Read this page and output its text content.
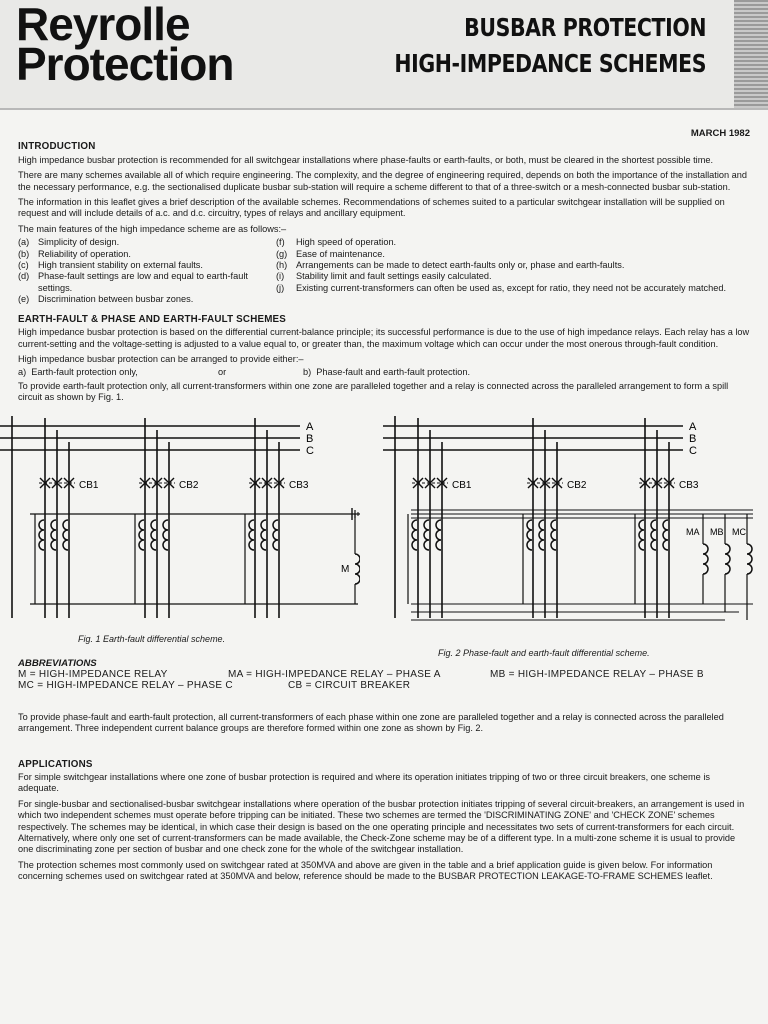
Reyrolle
Protection
BUSBAR PROTECTION
HIGH-IMPEDANCE SCHEMES
MARCH 1982
INTRODUCTION

High impedance busbar protection is recommended for all switchgear installations where phase-faults or earth-faults, or both, must be cleared in the shortest possible time.

There are many schemes available all of which require engineering. The complexity, and the degree of engineering required, depends on both the importance of the installation and the necessary performance, e.g. the sectionalised duplicate busbar sub-station will require a scheme different to that of a three-switch or a mesh-connected busbar sub-station.

The information in this leaflet gives a brief description of the available schemes. Recommendations of schemes suited to a particular switchgear installation will be supplied on request and will include details of a.c. and d.c. circuitry, types of relays and ancillary equipment.

The main features of the high impedance scheme are as follows:–

(a) Simplicity of design.
(b) Reliability of operation.
(c)	High transient stability on external faults.
(d) Phase-fault settings are low and equal to earth-fault settings.
(e) Discrimination between busbar zones.
(f)	High speed of operation.
(g) Ease of maintenance.
(h) Arrangements can be made to detect earth-faults only or, phase and earth-faults.
(i)	Stability limit and fault settings easily calculated.
(j)	Existing current-transformers can often be used as, except for ratio, they need not be accurately matched.
EARTH-FAULT & PHASE AND EARTH-FAULT SCHEMES

High impedance busbar protection is based on the differential current-balance principle; its successful performance is due to the use of high impedance relays. Each relay has a low current-setting and the voltage-setting is adjusted to a value equal to, or greater than, the maximum voltage which can occur under the most onerous through-fault condition.

High impedance busbar protection can be arranged to provide either:–

a)  Earth-fault protection only,	or	b)  Phase-fault and earth-fault protection.

To provide earth-fault protection only, all current-transformers within one zone are paralleled together and a relay is connected across the paralleled arrangement to form a spill circuit as shown by Fig. 1.

A
B
C
CB1	CB2	CB3
M
A
B
C
CB1	CB2	CB3
MA MB MC
Fig. 1 Earth-fault differential scheme.
Fig. 2 Phase-fault and earth-fault differential scheme.
ABBREVIATIONS
M = HIGH-IMPEDANCE RELAY	MA = HIGH-IMPEDANCE RELAY – PHASE A	MB = HIGH-IMPEDANCE RELAY – PHASE B
MC = HIGH-IMPEDANCE RELAY – PHASE C	CB = CIRCUIT BREAKER

To provide phase-fault and earth-fault protection, all current-transformers of each phase within one zone are paralleled together and a relay is connected across the paralleled arrangement. Three independent current balance groups are therefore formed within one zone as shown by Fig. 2.

APPLICATIONS

For simple switchgear installations where one zone of busbar protection is required and where its operation initiates tripping of two or three circuit breakers, one scheme is adequate.

For single-busbar and sectionalised-busbar switchgear installations where operation of the busbar protection initiates tripping of several circuit-breakers, an arrangement is used in which two independent schemes must operate before tripping can be initiated. These two schemes are termed the 'DISCRIMINATING ZONE' and 'CHECK ZONE' schemes respectively. The schemes may be identical, in which case their design is based on the one operating principle and necessitates two sets of current-transformers for each circuit. Alternatively, where only one set of current-transformers can be made available, the Check-Zone scheme may be of a different type. In a multi-zone scheme it is usual to provide one discriminating zone per section of busbar and one check zone for the whole of the switchgear installation.

The protection schemes most commonly used on switchgear rated at 350MVA and above are given in the table and a brief application guide is given below. For information concerning schemes used on switchgear rated at 350MVA and below, reference should be made to the BUSBAR PROTECTION LEAKAGE-TO-FRAME SCHEMES leaflet.
